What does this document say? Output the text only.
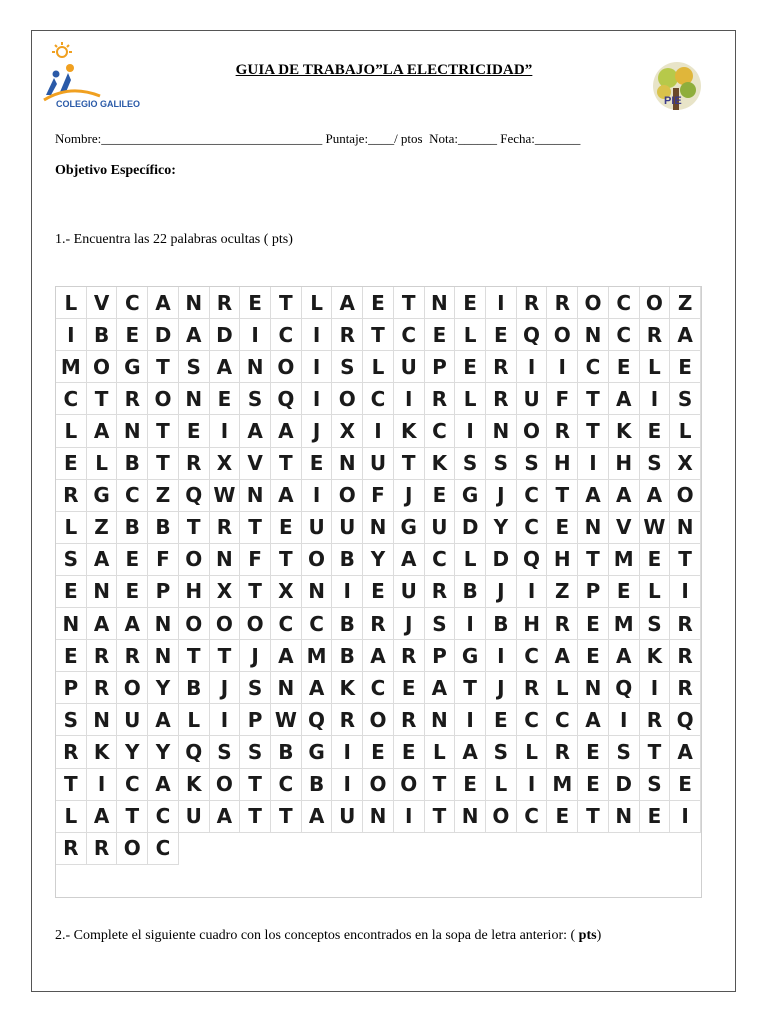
COLEGIO GALILEO	PIE
GUIA DE TRABAJO”LA ELECTRICIDAD”
Nombre:__________________________________ Puntaje:____/ ptos  Nota:______ Fecha:_______
Objetivo Específico:
1.- Encuentra las 22 palabras ocultas ( pts)
L V C A N R E T L A E T N E	I R R O C O Z
I B E D A D I C I R T C E L E Q O N C R A
M O G T S A N O I S L U P E R I	I C E L E
C T R O N E S Q I O C I R L R U F T A I S
L A N T E	I A A J X I K C I N O R T K E L
E L B T R X V T E N U T K S S S H I H S X
R G C Z Q W N A I O F	J	E G J C T A A A O
L Z B B T R T E U U N G U D Y C E N V W N
S A E F O N F T O B Y A C L D Q H T M E T
E N E P H X T X N I	E U R B J	I Z P E L	I
N A A N O O O C C B R J S I B H R E M S R
E R R N T T	J A M B A R P G I C A E A K R
P R O Y B J S N A K C E A T	J R L N Q I R
S N U A L	I P W Q R O R N I	E C C A I R Q
R K Y Y Q S S B G I	E E L A S L R E S T A
T	I C A K O T C B I O O T E L	I M E D S E
L A T C U A T T A U N I	T N O C E T N E	I
R R O C
2.- Complete el siguiente cuadro con los conceptos encontrados en la sopa de letra anterior: ( pts)
